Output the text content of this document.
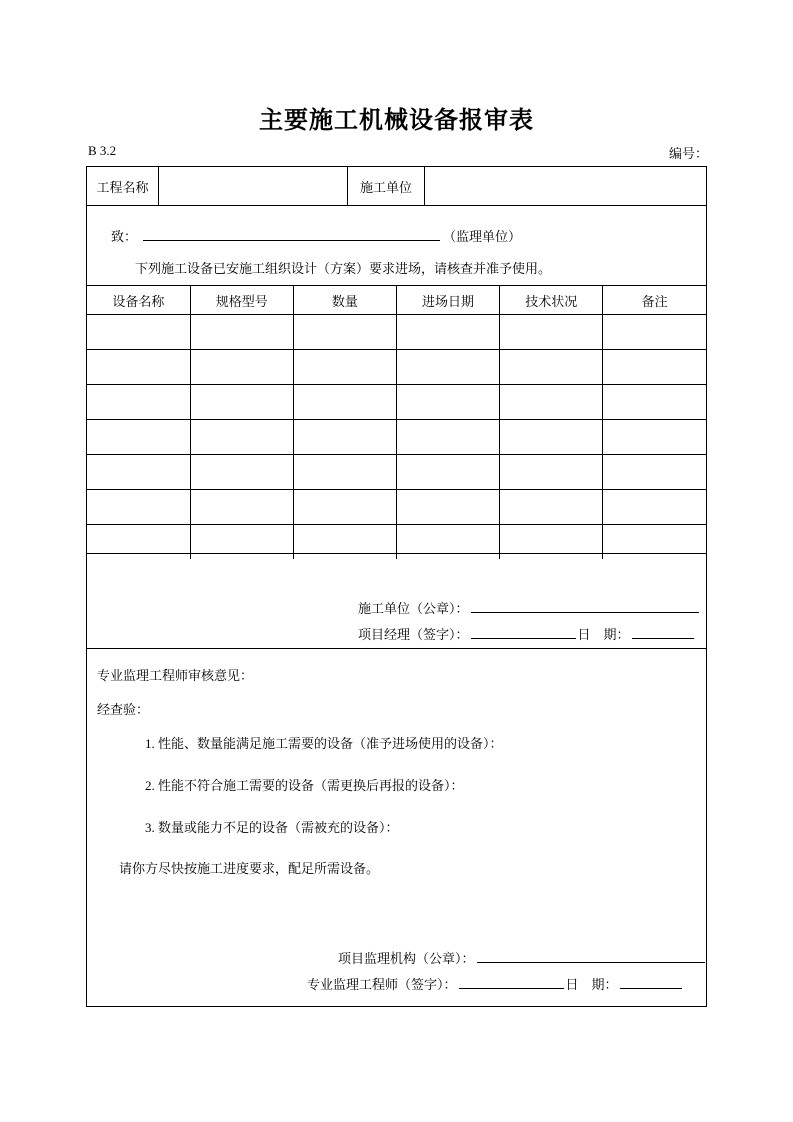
主要施工机械设备报审表
B 3.2	编号：
工程名称	施工单位
致：	（监理单位）
下列施工设备已安施工组织设计（方案）要求进场，请核查并准予使用。
设备名称	规格型号	数量	进场日期	技术状况	备注

施工单位（公章）：
项目经理（签字）：	日　期：
专业监理工程师审核意见：
经查验：
1. 性能、数量能满足施工需要的设备（准予进场使用的设备）：
2. 性能不符合施工需要的设备（需更换后再报的设备）：
3. 数量或能力不足的设备（需被充的设备）：
请你方尽快按施工进度要求，配足所需设备。
项目监理机构（公章）：
专业监理工程师（签字）：	日　期：
